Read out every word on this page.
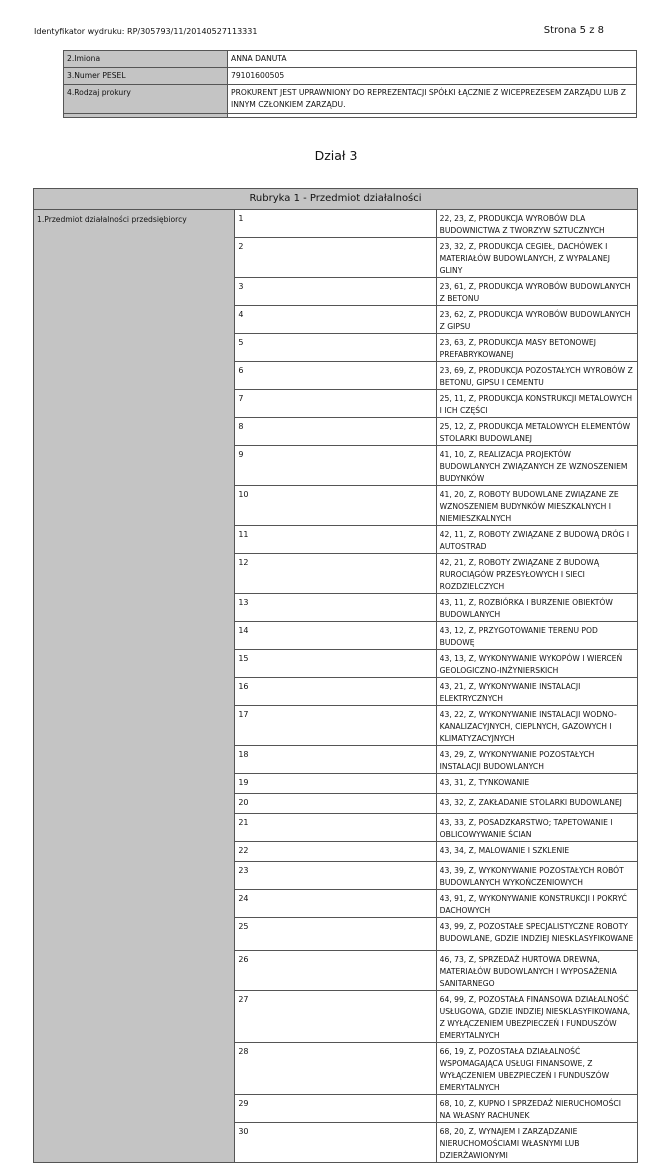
Identyfikator wydruku: RP/305793/11/20140527113331	Strona 5 z 8
2.Imiona	ANNA DANUTA
3.Numer PESEL	79101600505
4.Rodzaj prokury	PROKURENT JEST UPRAWNIONY DO REPREZENTACJI SPÓŁKI ŁĄCZNIE Z WICEPREZESEM ZARZĄDU LUB Z INNYM CZŁONKIEM ZARZĄDU.

Dział 3
Rubryka 1 - Przedmiot działalności		
1.Przedmiot działalności przedsiębiorcy	1	22, 23, Z, PRODUKCJA WYROBÓW DLA BUDOWNICTWA Z TWORZYW SZTUCZNYCH
	2	23, 32, Z, PRODUKCJA CEGIEŁ, DACHÓWEK I MATERIAŁÓW BUDOWLANYCH, Z WYPALANEJ GLINY
	3	23, 61, Z, PRODUKCJA WYROBÓW BUDOWLANYCH Z BETONU
	4	23, 62, Z, PRODUKCJA WYROBÓW BUDOWLANYCH Z GIPSU
	5	23, 63, Z, PRODUKCJA MASY BETONOWEJ PREFABRYKOWANEJ
	6	23, 69, Z, PRODUKCJA POZOSTAŁYCH WYROBÓW Z BETONU, GIPSU I CEMENTU
	7	25, 11, Z, PRODUKCJA KONSTRUKCJI METALOWYCH I ICH CZĘŚCI
	8	25, 12, Z, PRODUKCJA METALOWYCH ELEMENTÓW STOLARKI BUDOWLANEJ
	9	41, 10, Z, REALIZACJA PROJEKTÓW BUDOWLANYCH ZWIĄZANYCH ZE WZNOSZENIEM BUDYNKÓW
	10	41, 20, Z, ROBOTY BUDOWLANE ZWIĄZANE ZE WZNOSZENIEM BUDYNKÓW MIESZKALNYCH I NIEMIESZKALNYCH
	11	42, 11, Z, ROBOTY ZWIĄZANE Z BUDOWĄ DRÓG I AUTOSTRAD
	12	42, 21, Z, ROBOTY ZWIĄZANE Z BUDOWĄ RUROCIĄGÓW PRZESYŁOWYCH I SIECI ROZDZIELCZYCH
	13	43, 11, Z, ROZBIÓRKA I BURZENIE OBIEKTÓW BUDOWLANYCH
	14	43, 12, Z, PRZYGOTOWANIE TERENU POD BUDOWĘ
	15	43, 13, Z, WYKONYWANIE WYKOPÓW I WIERCEŃ GEOLOGICZNO-INŻYNIERSKICH
	16	43, 21, Z, WYKONYWANIE INSTALACJI ELEKTRYCZNYCH
	17	43, 22, Z, WYKONYWANIE INSTALACJI WODNO-KANALIZACYJNYCH, CIEPLNYCH, GAZOWYCH I KLIMATYZACYJNYCH
	18	43, 29, Z, WYKONYWANIE POZOSTAŁYCH INSTALACJI BUDOWLANYCH
	19	43, 31, Z, TYNKOWANIE
	20	43, 32, Z, ZAKŁADANIE STOLARKI BUDOWLANEJ
	21	43, 33, Z, POSADZKARSTWO; TAPETOWANIE I OBLICOWYWANIE ŚCIAN
	22	43, 34, Z, MALOWANIE I SZKLENIE
	23	43, 39, Z, WYKONYWANIE POZOSTAŁYCH ROBÓT BUDOWLANYCH WYKOŃCZENIOWYCH
	24	43, 91, Z, WYKONYWANIE KONSTRUKCJI I POKRYĆ DACHOWYCH
	25	43, 99, Z, POZOSTAŁE SPECJALISTYCZNE ROBOTY BUDOWLANE, GDZIE INDZIEJ NIESKLASYFIKOWANE
	26	46, 73, Z, SPRZEDAŻ HURTOWA DREWNA, MATERIAŁÓW BUDOWLANYCH I WYPOSAŻENIA SANITARNEGO
	27	64, 99, Z, POZOSTAŁA FINANSOWA DZIAŁALNOŚĆ USŁUGOWA, GDZIE INDZIEJ NIESKLASYFIKOWANA, Z WYŁĄCZENIEM UBEZPIECZEŃ I FUNDUSZÓW EMERYTALNYCH
	28	66, 19, Z, POZOSTAŁA DZIAŁALNOŚĆ WSPOMAGAJĄCA USŁUGI FINANSOWE, Z WYŁĄCZENIEM UBEZPIECZEŃ I FUNDUSZÓW EMERYTALNYCH
	29	68, 10, Z, KUPNO I SPRZEDAŻ NIERUCHOMOŚCI NA WŁASNY RACHUNEK
	30	68, 20, Z, WYNAJEM I ZARZĄDZANIE NIERUCHOMOŚCIAMI WŁASNYMI LUB DZIERŻAWIONYMI
